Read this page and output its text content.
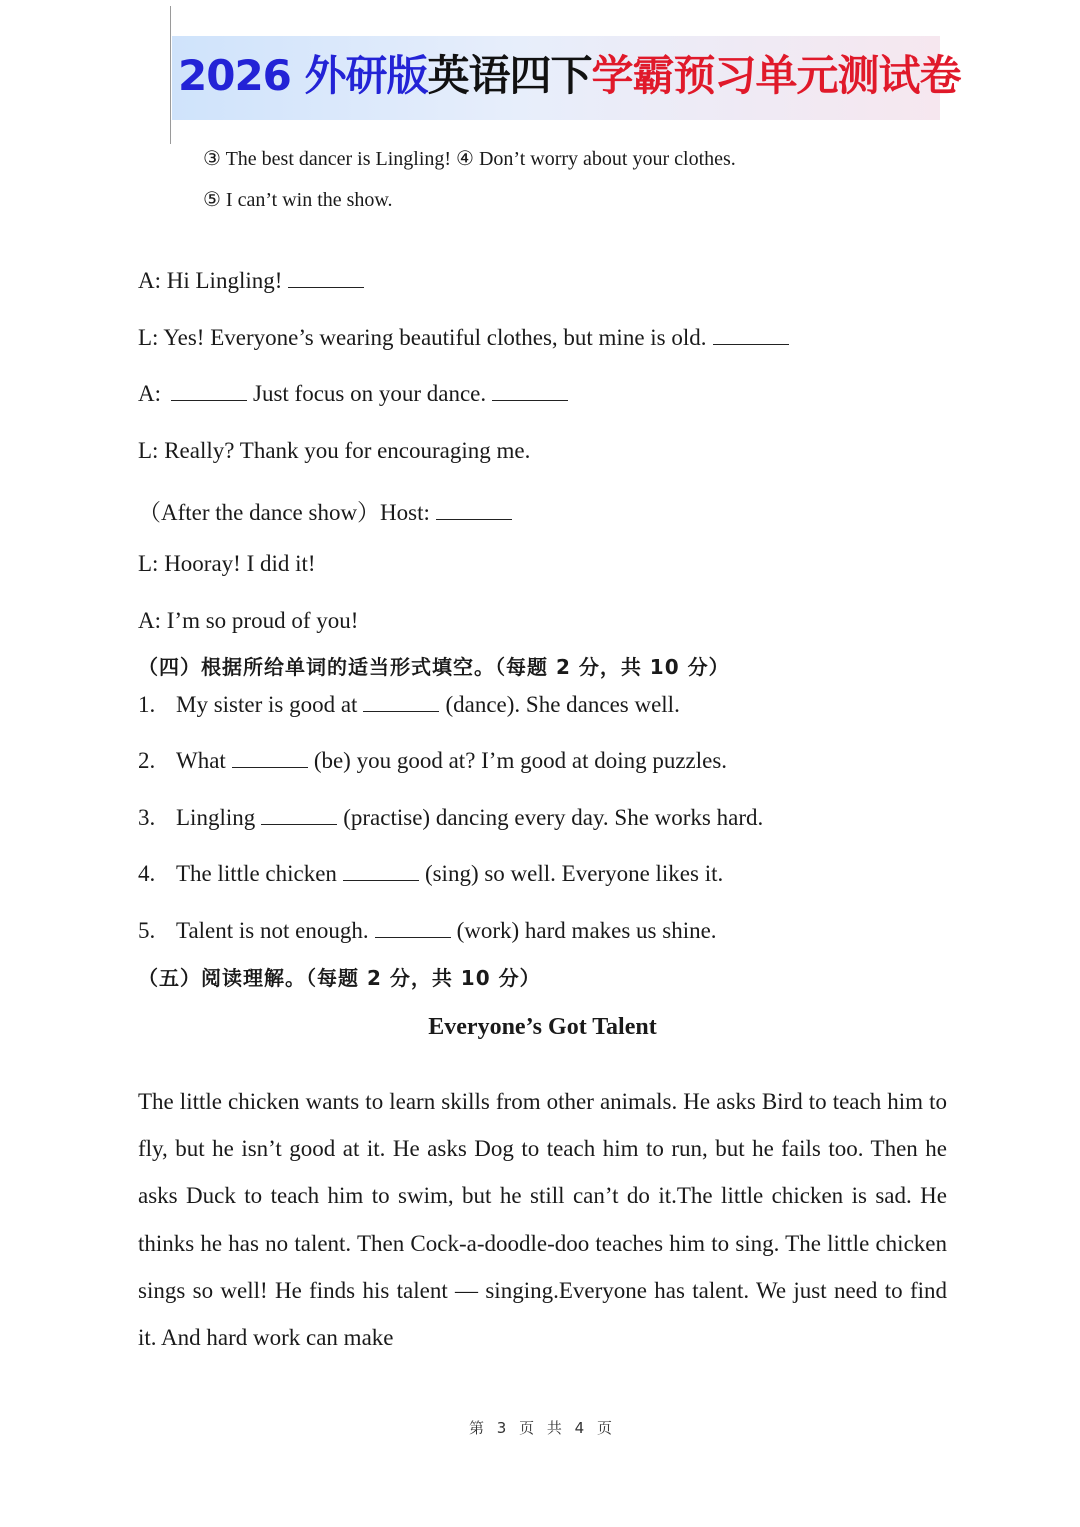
2026 外研版英语四下学霸预习单元测试卷
③ The best dancer is Lingling! ④ Don’t worry about your clothes.
⑤ I can’t win the show.
A: Hi Lingling!
L: Yes! Everyone’s wearing beautiful clothes, but mine is old.
A:	Just focus on your dance.
L: Really? Thank you for encouraging me.
（After the dance show）Host:
L: Hooray! I did it!
A: I’m so proud of you!
（四）根据所给单词的适当形式填空。（每题 2 分，共 10 分）
1. My sister is good at	(dance). She dances well.
2. What	(be) you good at? I’m good at doing puzzles.
3. Lingling	(practise) dancing every day. She works hard.
4. The little chicken	(sing) so well. Everyone likes it.
5. Talent is not enough.	(work) hard makes us shine.
（五）阅读理解。（每题 2 分，共 10 分）
Everyone’s Got Talent

The little chicken wants to learn skills from other animals. He asks Bird to teach him to fly, but he isn’t good at it. He asks Dog to teach him to run, but he fails too. Then he asks Duck to teach him to swim, but he still can’t do it.The little chicken is sad. He thinks he has no talent. Then Cock-a-doodle-doo teaches him to sing. The little chicken sings so well! He finds his talent — singing.Everyone has talent. We just need to find it. And hard work can make

第 3 页 共 4 页
